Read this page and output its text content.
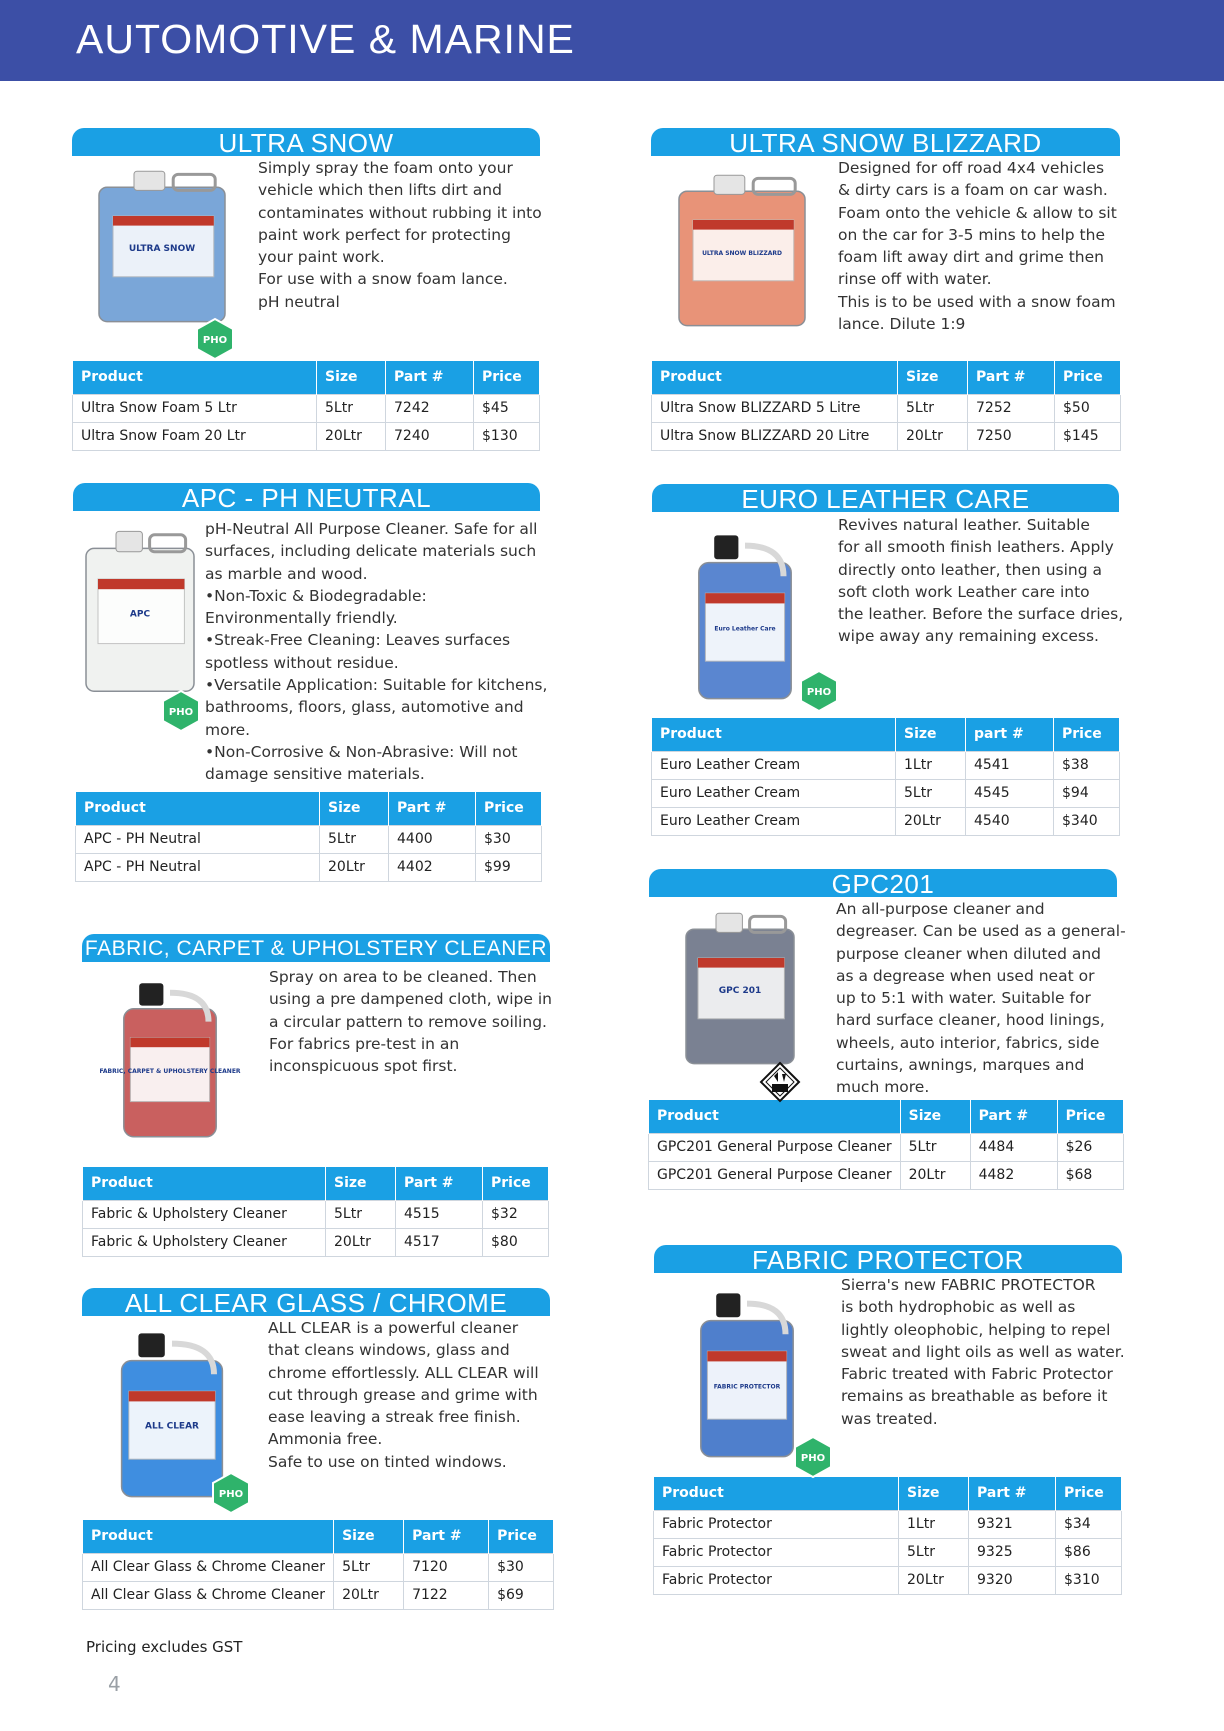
AUTOMOTIVE & MARINE
ULTRA SNOW
Simply spray the foam onto your
vehicle which then lifts dirt and
contaminates without rubbing it into
paint work perfect for protecting
your paint work.
For use with a snow foam lance.
pH neutral
ULTRA SNOW
Product	Size	Part #	Price
Ultra Snow Foam 5 Ltr	5Ltr	7242	$45
Ultra Snow Foam 20 Ltr	20Ltr	7240	$130
ULTRA SNOW BLIZZARD
Designed for off road 4x4 vehicles
& dirty cars is a foam on car wash.
Foam onto the vehicle & allow to sit
on the car for 3-5 mins to help the
foam lift away dirt and grime then
rinse off with water.
This is to be used with a snow foam
lance. Dilute 1:9
ULTRA SNOW BLIZZARD
Product	Size	Part #	Price
Ultra Snow BLIZZARD 5 Litre	5Ltr	7252	$50
Ultra Snow BLIZZARD 20 Litre	20Ltr	7250	$145
APC - PH NEUTRAL
pH-Neutral All Purpose Cleaner. Safe for all
surfaces, including delicate materials such
as marble and wood.
•Non-Toxic & Biodegradable:
Environmentally friendly.
•Streak-Free Cleaning: Leaves surfaces
spotless without residue.
•Versatile Application: Suitable for kitchens,
bathrooms, floors, glass, automotive and
more.
•Non-Corrosive & Non-Abrasive: Will not
damage sensitive materials.
APC
Product	Size	Part #	Price
APC - PH Neutral	5Ltr	4400	$30
APC - PH Neutral	20Ltr	4402	$99
EURO LEATHER CARE
Revives natural leather. Suitable
for all smooth finish leathers. Apply
directly onto leather, then using a
soft cloth work Leather care into
the leather. Before the surface dries,
wipe away any remaining excess.
Euro Leather Care
Product	Size	part #	Price
Euro Leather Cream	1Ltr	4541	$38
Euro Leather Cream	5Ltr	4545	$94
Euro Leather Cream	20Ltr	4540	$340
FABRIC, CARPET & UPHOLSTERY CLEANER
Spray on area to be cleaned. Then
using a pre dampened cloth, wipe in
a circular pattern to remove soiling.
For fabrics pre-test in an
inconspicuous spot first.
FABRIC, CARPET & UPHOLSTERY CLEANER
Product	Size	Part #	Price
Fabric & Upholstery Cleaner	5Ltr	4515	$32
Fabric & Upholstery Cleaner	20Ltr	4517	$80
GPC201
An all-purpose cleaner and
degreaser. Can be used as a general-
purpose cleaner when diluted and
as a degrease when used neat or
up to 5:1 with water. Suitable for
hard surface cleaner, hood linings,
wheels, auto interior, fabrics, side
curtains, awnings, marques and
much more.
GPC 201
Product	Size	Part #	Price
GPC201 General Purpose Cleaner	5Ltr	4484	$26
GPC201 General Purpose Cleaner	20Ltr	4482	$68
ALL CLEAR GLASS / CHROME
ALL CLEAR is a powerful cleaner
that cleans windows, glass and
chrome effortlessly. ALL CLEAR will
cut through grease and grime with
ease leaving a streak free finish.
Ammonia free.
Safe to use on tinted windows.
ALL CLEAR
Product	Size	Part #	Price
All Clear Glass & Chrome Cleaner	5Ltr	7120	$30
All Clear Glass & Chrome Cleaner	20Ltr	7122	$69
FABRIC PROTECTOR
Sierra's new FABRIC PROTECTOR
is both hydrophobic as well as
lightly oleophobic, helping to repel
sweat and light oils as well as water.
Fabric treated with Fabric Protector
remains as breathable as before it
was treated.
FABRIC PROTECTOR
Product	Size	Part #	Price
Fabric Protector	1Ltr	9321	$34
Fabric Protector	5Ltr	9325	$86
Fabric Protector	20Ltr	9320	$310
PHO
PHO
PHO
PHO
PHO
Pricing excludes GST
4
